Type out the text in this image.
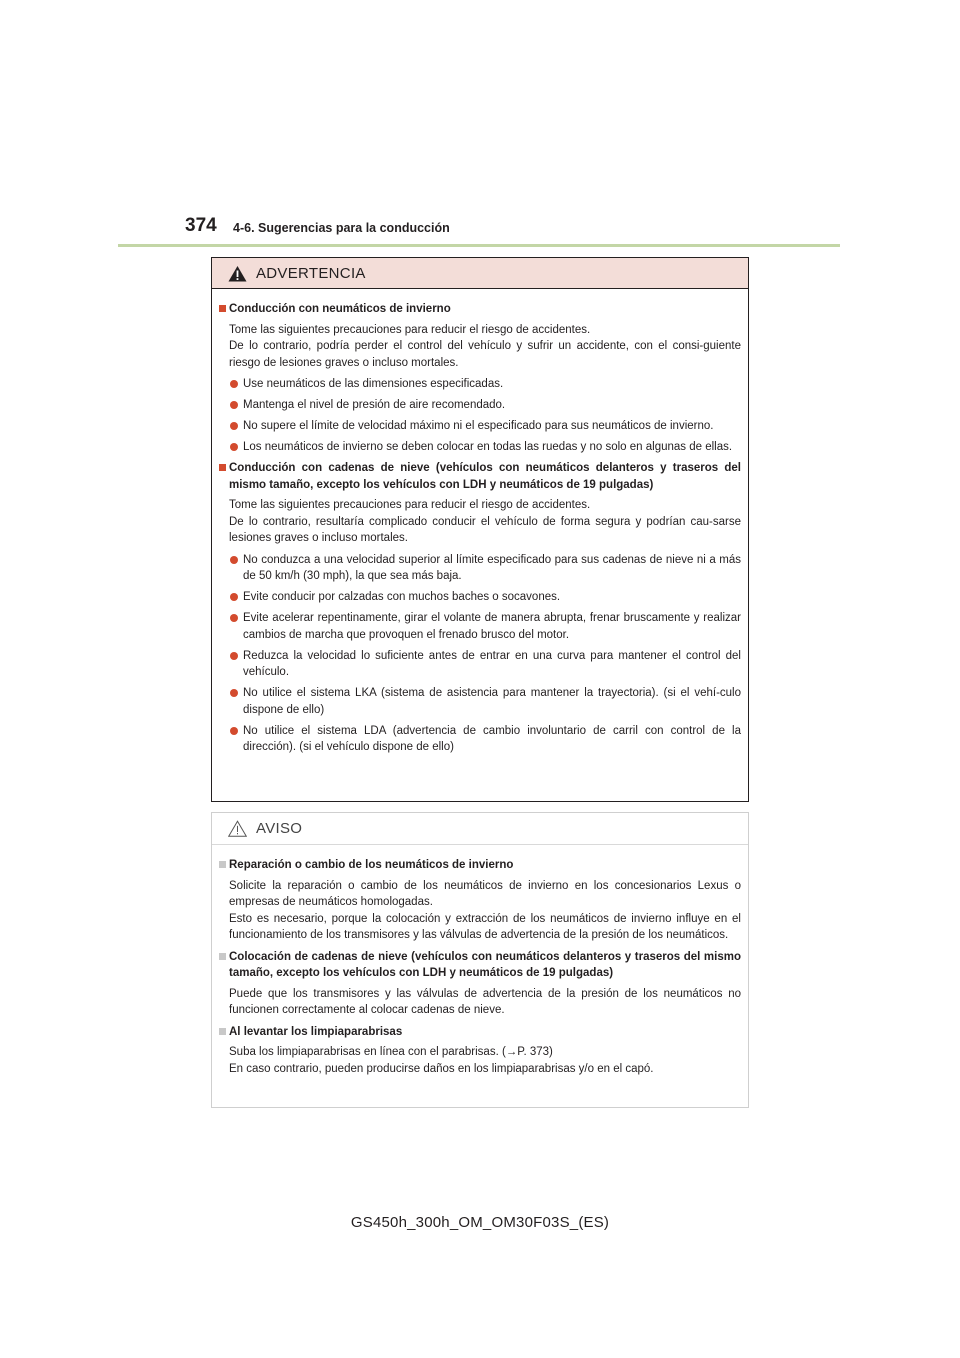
374 4-6. Sugerencias para la conducción
ADVERTENCIA
Conducción con neumáticos de invierno
Tome las siguientes precauciones para reducir el riesgo de accidentes.
De lo contrario, podría perder el control del vehículo y sufrir un accidente, con el consi-guiente riesgo de lesiones graves o incluso mortales.
Use neumáticos de las dimensiones especificadas.
Mantenga el nivel de presión de aire recomendado.
No supere el límite de velocidad máximo ni el especificado para sus neumáticos de invierno.
Los neumáticos de invierno se deben colocar en todas las ruedas y no solo en algunas de ellas.
Conducción con cadenas de nieve (vehículos con neumáticos delanteros y traseros del mismo tamaño, excepto los vehículos con LDH y neumáticos de 19 pulgadas)
Tome las siguientes precauciones para reducir el riesgo de accidentes.
De lo contrario, resultaría complicado conducir el vehículo de forma segura y podrían cau-sarse lesiones graves o incluso mortales.
No conduzca a una velocidad superior al límite especificado para sus cadenas de nieve ni a más de 50 km/h (30 mph), la que sea más baja.
Evite conducir por calzadas con muchos baches o socavones.
Evite acelerar repentinamente, girar el volante de manera abrupta, frenar bruscamente y realizar cambios de marcha que provoquen el frenado brusco del motor.
Reduzca la velocidad lo suficiente antes de entrar en una curva para mantener el control del vehículo.
No utilice el sistema LKA (sistema de asistencia para mantener la trayectoria). (si el vehí-culo dispone de ello)
No utilice el sistema LDA (advertencia de cambio involuntario de carril con control de la dirección). (si el vehículo dispone de ello)
AVISO
Reparación o cambio de los neumáticos de invierno
Solicite la reparación o cambio de los neumáticos de invierno en los concesionarios Lexus o empresas de neumáticos homologadas.
Esto es necesario, porque la colocación y extracción de los neumáticos de invierno influye en el funcionamiento de los transmisores y las válvulas de advertencia de la presión de los neumáticos.
Colocación de cadenas de nieve (vehículos con neumáticos delanteros y traseros del mismo tamaño, excepto los vehículos con LDH y neumáticos de 19 pulgadas)
Puede que los transmisores y las válvulas de advertencia de la presión de los neumáticos no funcionen correctamente al colocar cadenas de nieve.
Al levantar los limpiaparabrisas
Suba los limpiaparabrisas en línea con el parabrisas. (→P. 373)
En caso contrario, pueden producirse daños en los limpiaparabrisas y/o en el capó.
GS450h_300h_OM_OM30F03S_(ES)
